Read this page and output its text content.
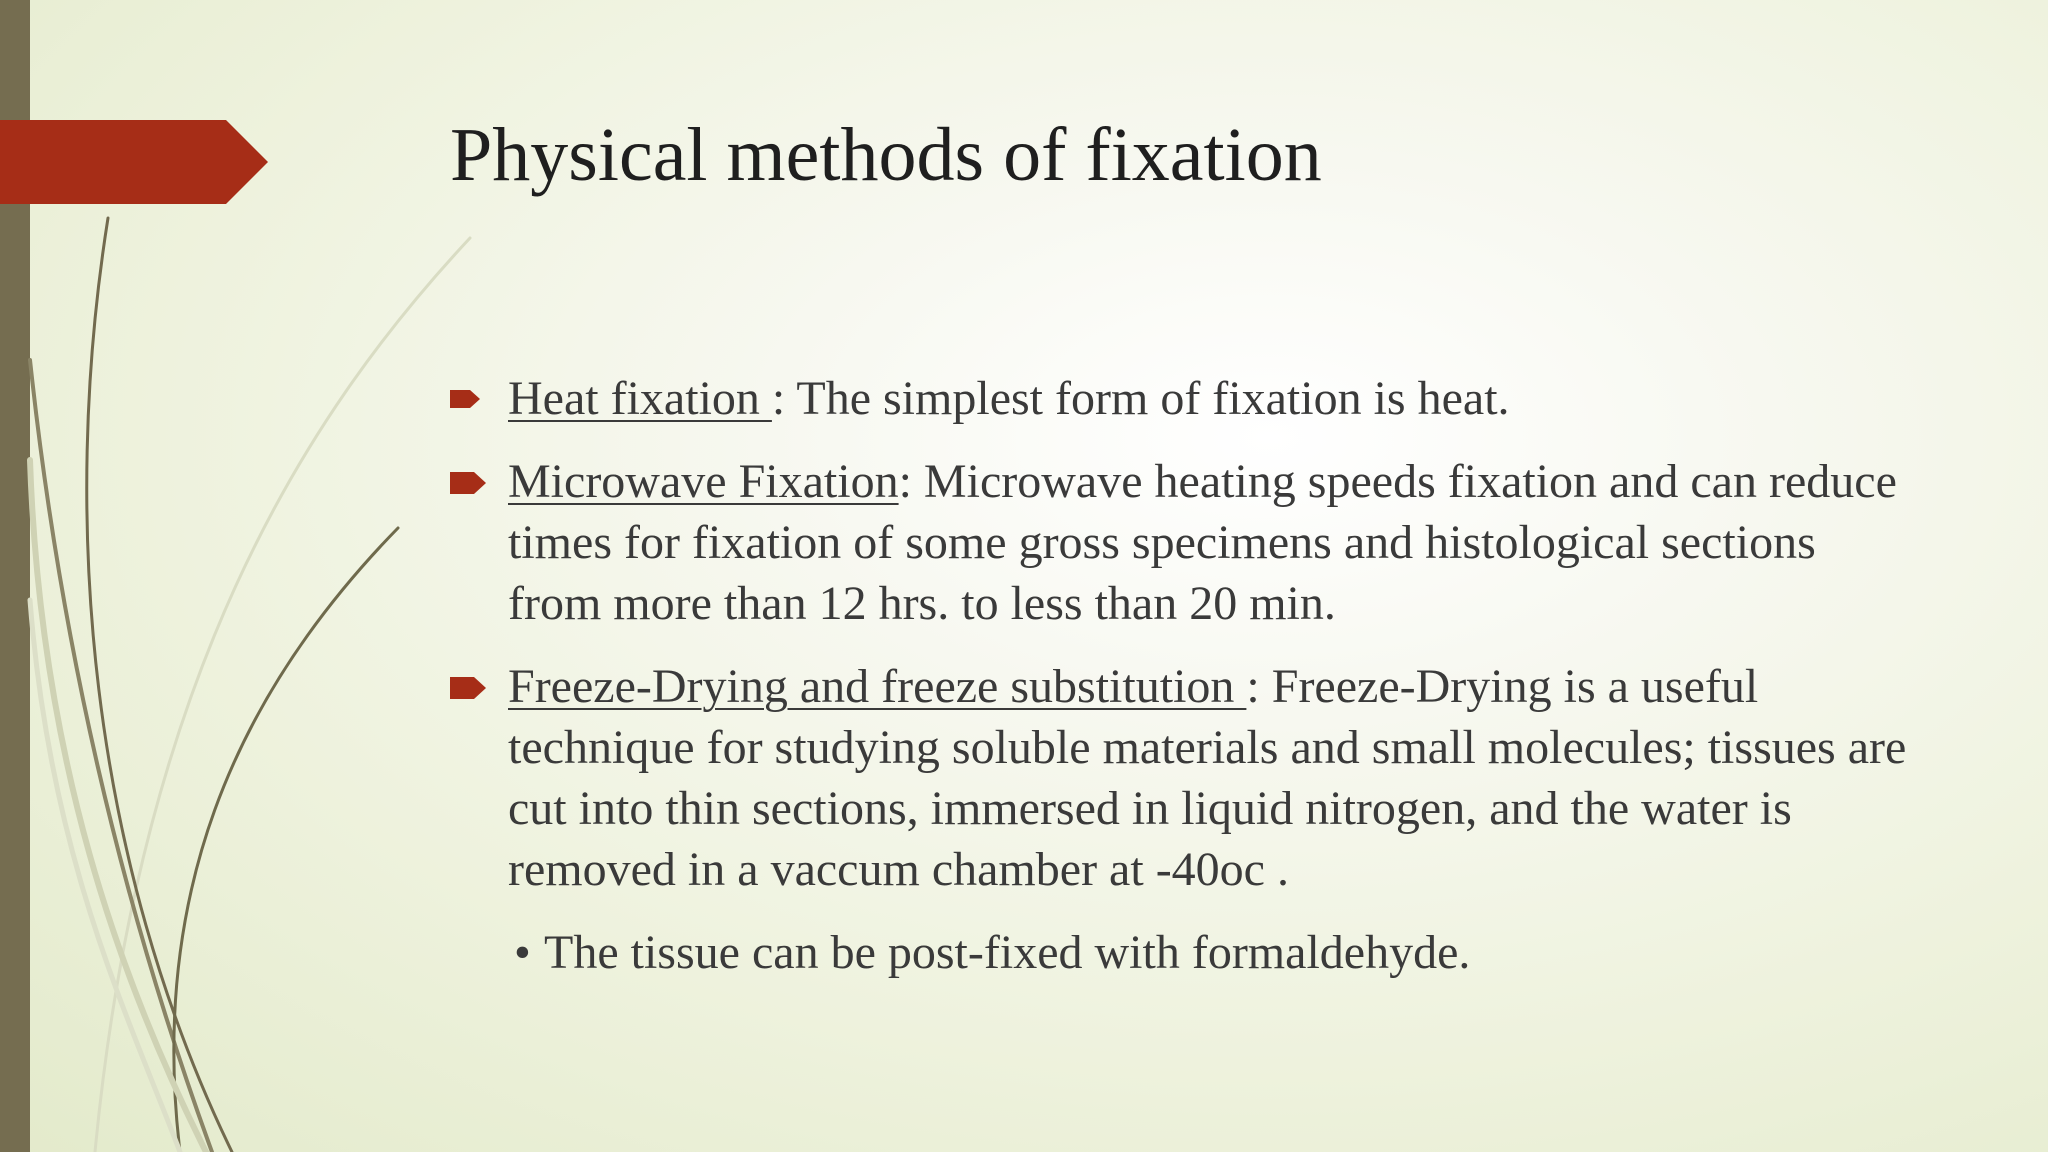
Physical methods of fixation
Heat fixation : The simplest form of fixation is heat.
Microwave Fixation: Microwave heating speeds fixation and can reduce times for fixation of some gross specimens and histological sections from more than 12 hrs. to less than 20 min.
Freeze-Drying and freeze substitution : Freeze-Drying is a useful technique for studying soluble materials and small molecules; tissues are cut into thin sections, immersed in liquid nitrogen, and the water is removed in a vaccum chamber at -40oc .
• The tissue can be post-fixed with formaldehyde.
